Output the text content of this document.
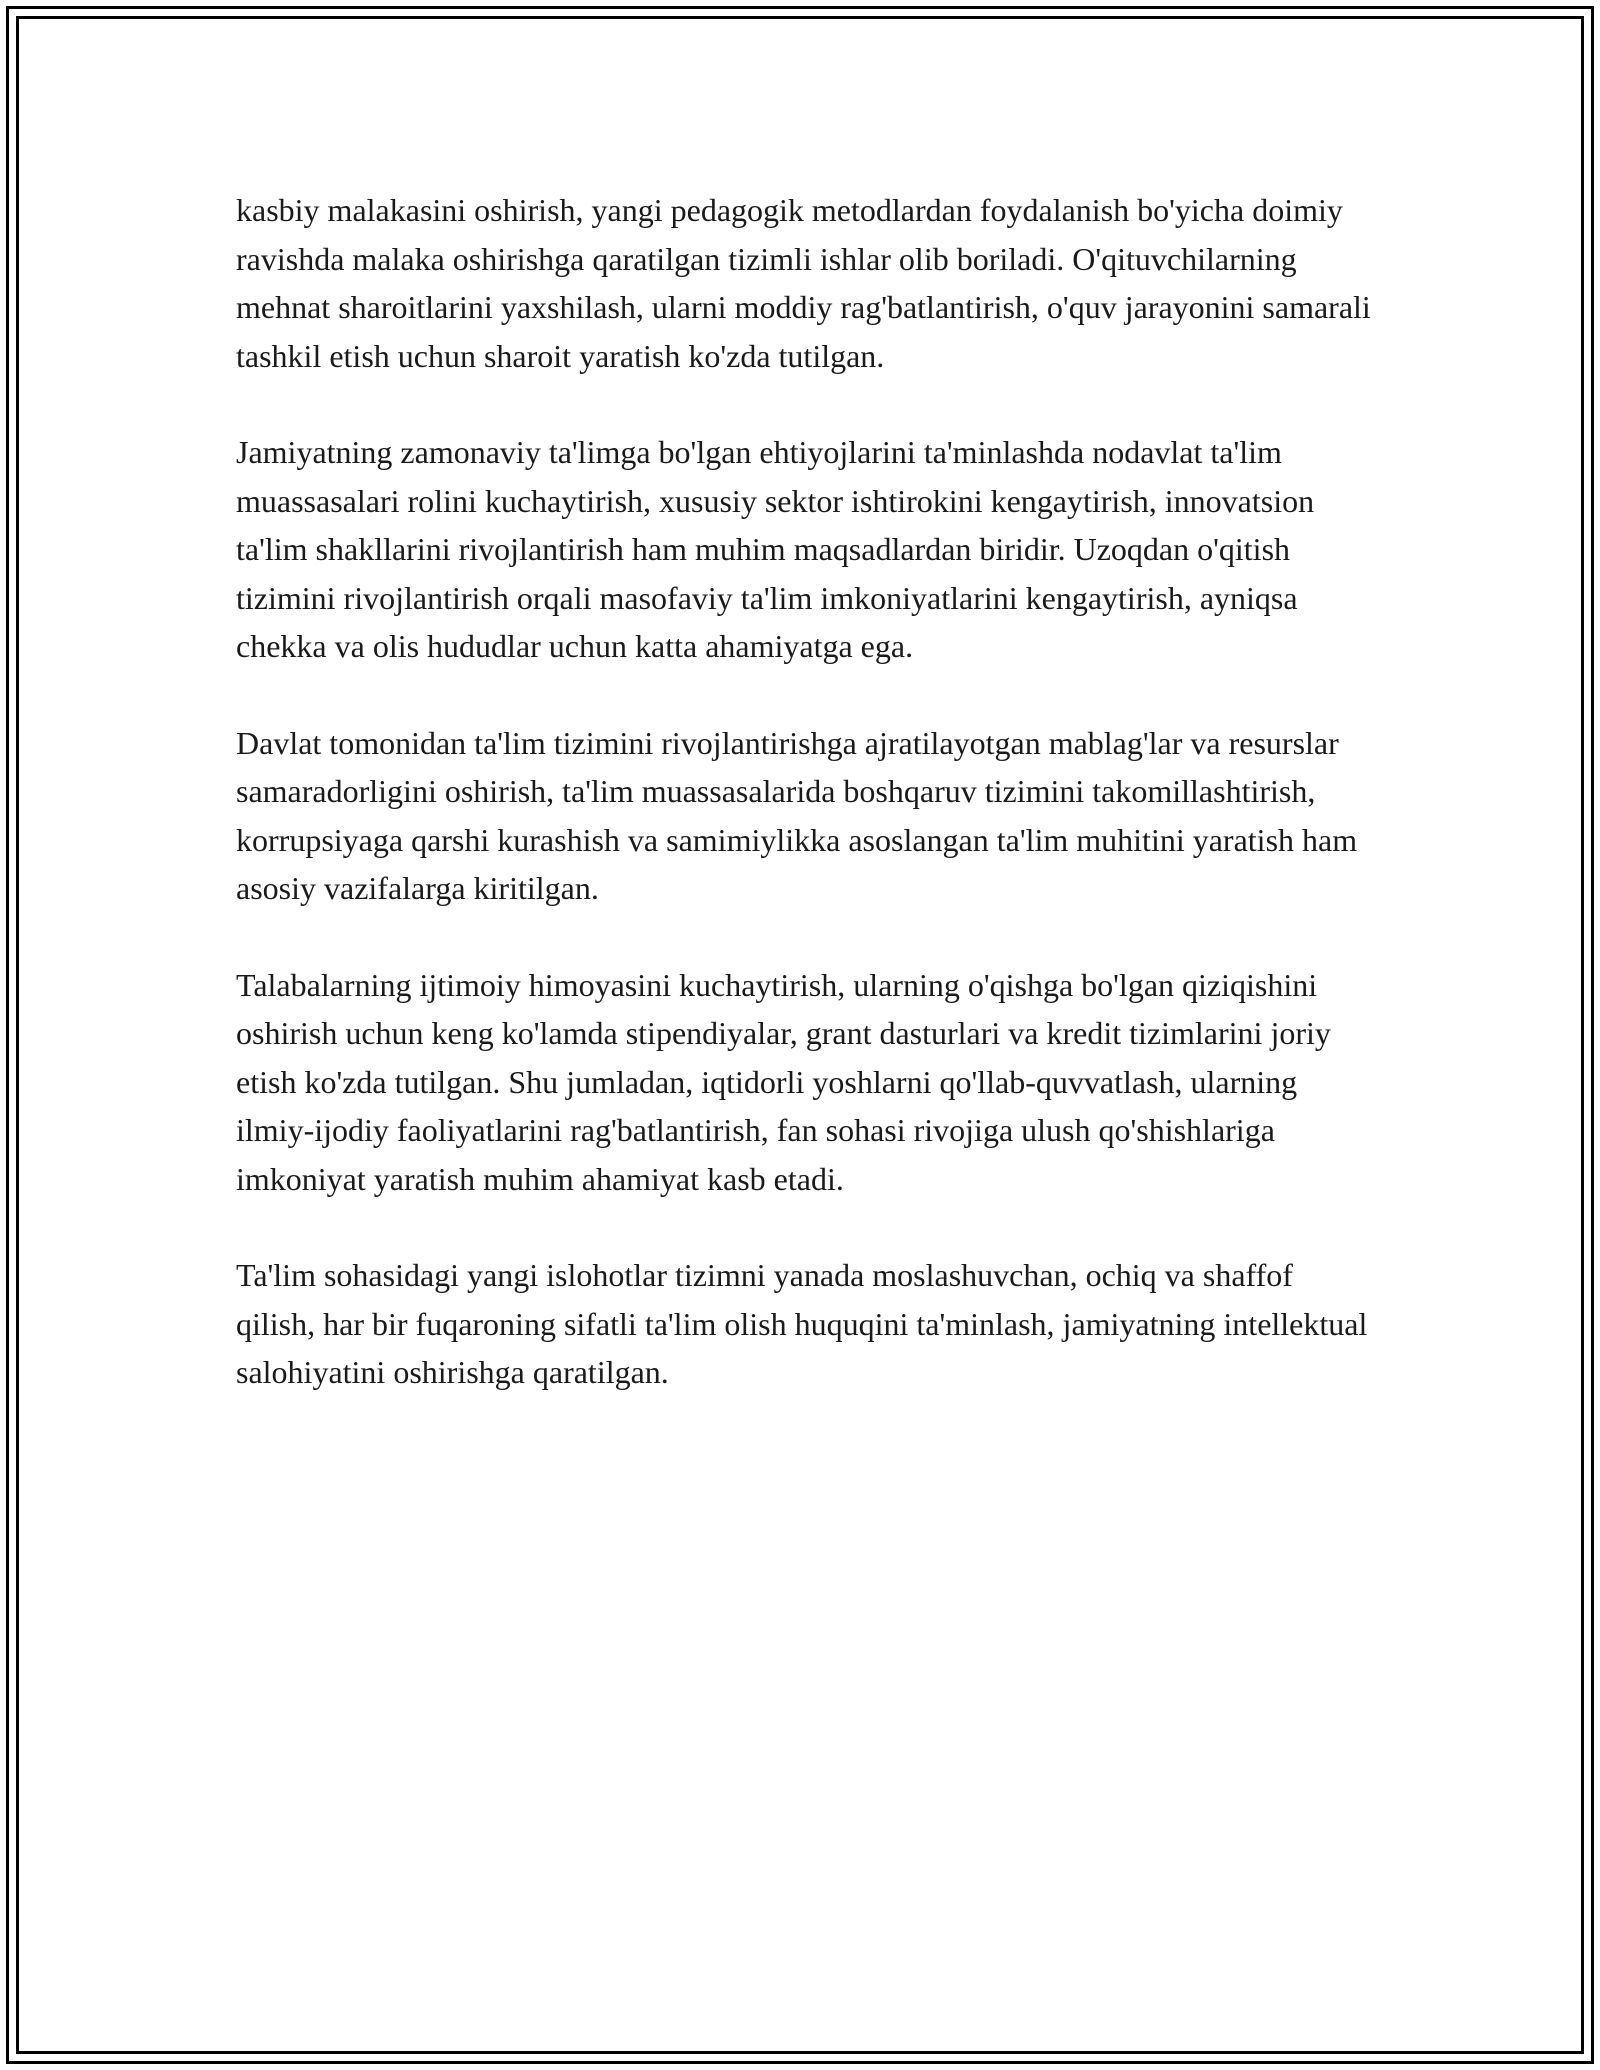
kasbiy malakasini oshirish, yangi pedagogik metodlardan foydalanish bo'yicha doimiy ravishda malaka oshirishga qaratilgan tizimli ishlar olib boriladi. O'qituvchilarning mehnat sharoitlarini yaxshilash, ularni moddiy rag'batlantirish, o'quv jarayonini samarali tashkil etish uchun sharoit yaratish ko'zda tutilgan.

Jamiyatning zamonaviy ta'limga bo'lgan ehtiyojlarini ta'minlashda nodavlat ta'lim muassasalari rolini kuchaytirish, xususiy sektor ishtirokini kengaytirish, innovatsion ta'lim shakllarini rivojlantirish ham muhim maqsadlardan biridir. Uzoqdan o'qitish tizimini rivojlantirish orqali masofaviy ta'lim imkoniyatlarini kengaytirish, ayniqsa chekka va olis hududlar uchun katta ahamiyatga ega.

Davlat tomonidan ta'lim tizimini rivojlantirishga ajratilayotgan mablag'lar va resurslar samaradorligini oshirish, ta'lim muassasalarida boshqaruv tizimini takomillashtirish, korrupsiyaga qarshi kurashish va samimiylikka asoslangan ta'lim muhitini yaratish ham asosiy vazifalarga kiritilgan.

Talabalarning ijtimoiy himoyasini kuchaytirish, ularning o'qishga bo'lgan qiziqishini oshirish uchun keng ko'lamda stipendiyalar, grant dasturlari va kredit tizimlarini joriy etish ko'zda tutilgan. Shu jumladan, iqtidorli yoshlarni qo'llab-quvvatlash, ularning ilmiy-ijodiy faoliyatlarini rag'batlantirish, fan sohasi rivojiga ulush qo'shishlariga imkoniyat yaratish muhim ahamiyat kasb etadi.

Ta'lim sohasidagi yangi islohotlar tizimni yanada moslashuvchan, ochiq va shaffof qilish, har bir fuqaroning sifatli ta'lim olish huquqini ta'minlash, jamiyatning intellektual salohiyatini oshirishga qaratilgan.
